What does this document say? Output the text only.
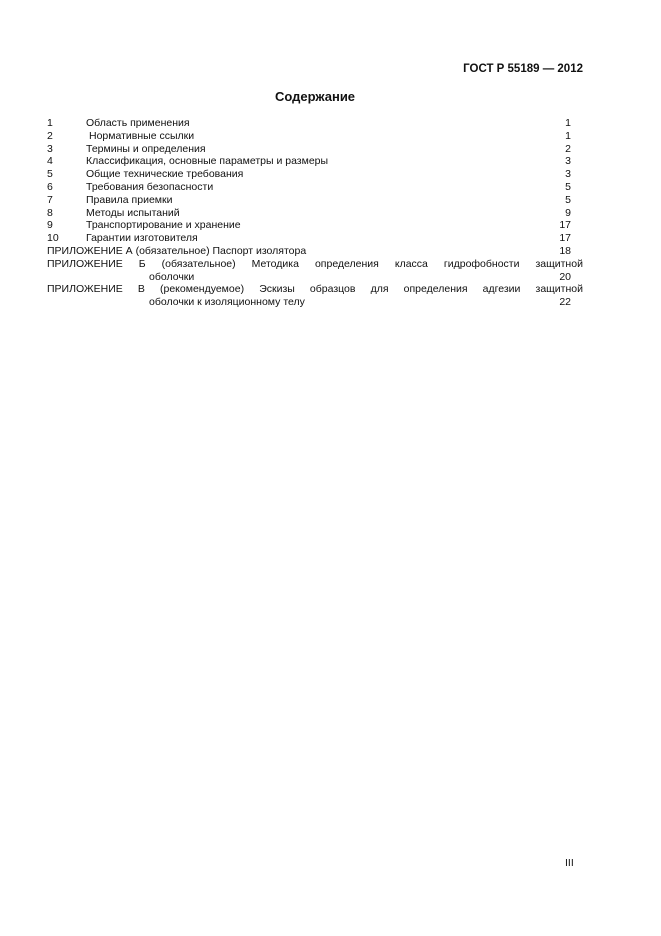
ГОСТ Р 55189 — 2012
Содержание
1	Область применения	1
2	Нормативные ссылки	1
3	Термины и определения	2
4	Классификация, основные параметры и размеры	3
5	Общие технические требования	3
6	Требования безопасности	5
7	Правила приемки	5
8	Методы испытаний	9
9	Транспортирование и хранение	17
10	Гарантии изготовителя	17
ПРИЛОЖЕНИЕ А (обязательное) Паспорт изолятора	18
ПРИЛОЖЕНИЕ Б (обязательное) Методика определения класса гидрофобности защитной
оболочки	20
ПРИЛОЖЕНИЕ В (рекомендуемое) Эскизы образцов для определения адгезии защитной
оболочки к изоляционному телу	22
III
